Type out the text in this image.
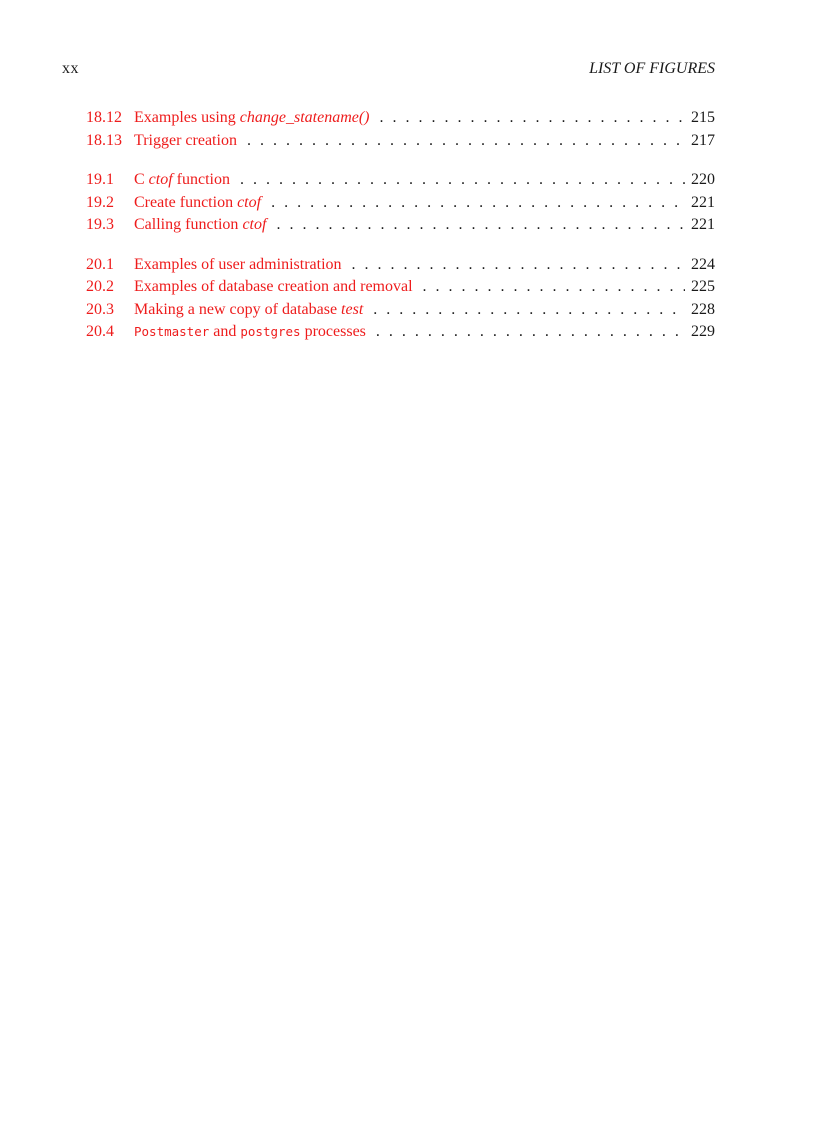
xx	LIST OF FIGURES
18.12 Examples using change_statename() . . .	215
18.13 Trigger creation . . .	217
19.1	C ctof function . . .	220
19.2	Create function ctof . . .	221
19.3	Calling function ctof . . .	221
20.1	Examples of user administration . . .	224
20.2	Examples of database creation and removal . . .	225
20.3	Making a new copy of database test . . .	228
20.4	Postmaster and postgres processes . . .	229
